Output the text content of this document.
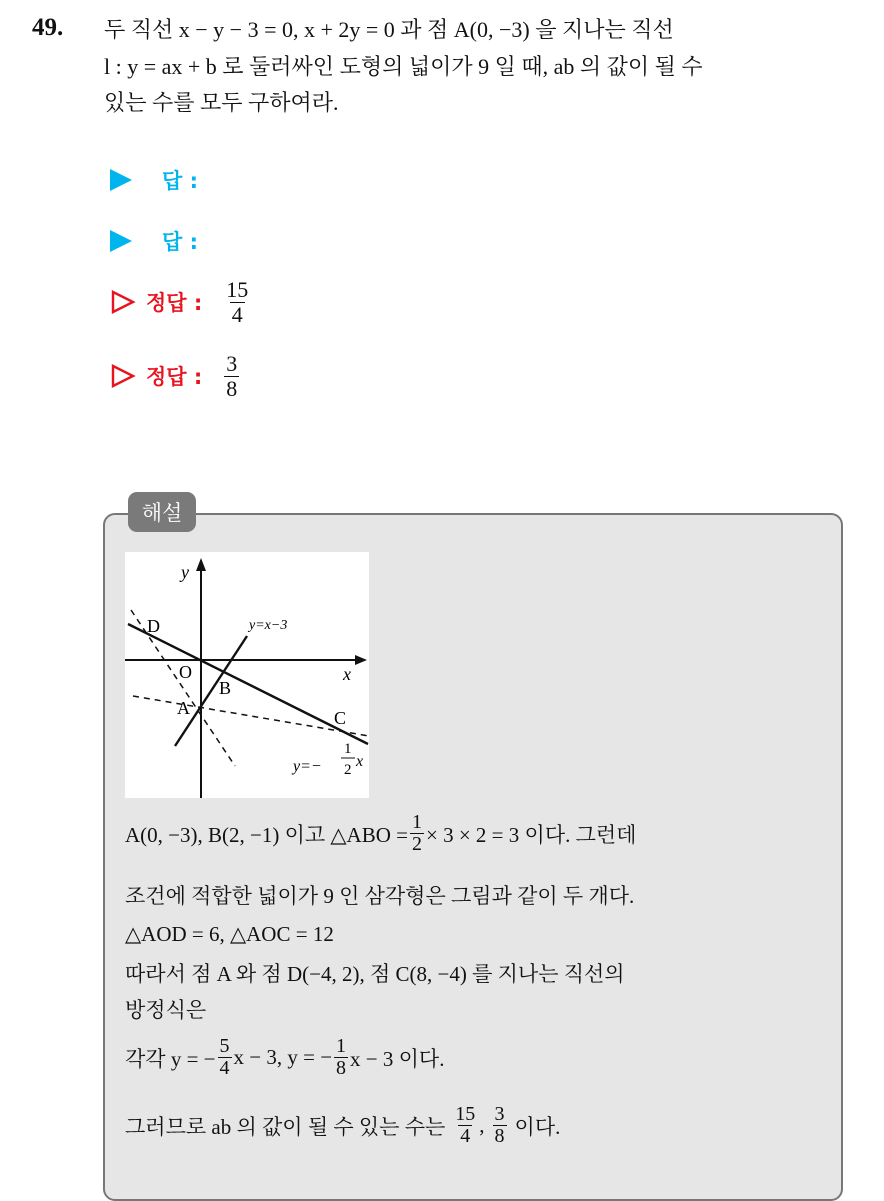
49. 두 직선 x − y − 3 = 0, x + 2y = 0 과 점 A(0, −3) 을 지나는 직선
l : y = ax + b 로 둘러싸인 도형의 넓이가 9 일 때, ab 의 값이 될 수
있는 수를 모두 구하여라.
답 :
답 :
정답 : $\frac{15}{4}$
정답 : $\frac{3}{8}$
해설
y
x
O
A
B
C
D	y=x−3
y=−
1
2 x
A(0, −3), B(2, −1) 이고 △ABO = $\frac{1}{2} \times 3 \times 2 = 3$ 이다. 그런데
조건에 적합한 넓이가 9 인 삼각형은 그림과 같이 두 개다.
△AOD = 6, △AOC = 12
따라서 점 A 와 점 D(−4, 2), 점 C(8, −4) 를 지나는 직선의
방정식은
각각 y = − $\frac{5}{4}$ x − 3, y = − $\frac{1}{8}$ x − 3 이다.
그러므로 ab 의 값이 될 수 있는 수는 $\frac{15}{4}$ , $\frac{3}{8}$ 이다.
